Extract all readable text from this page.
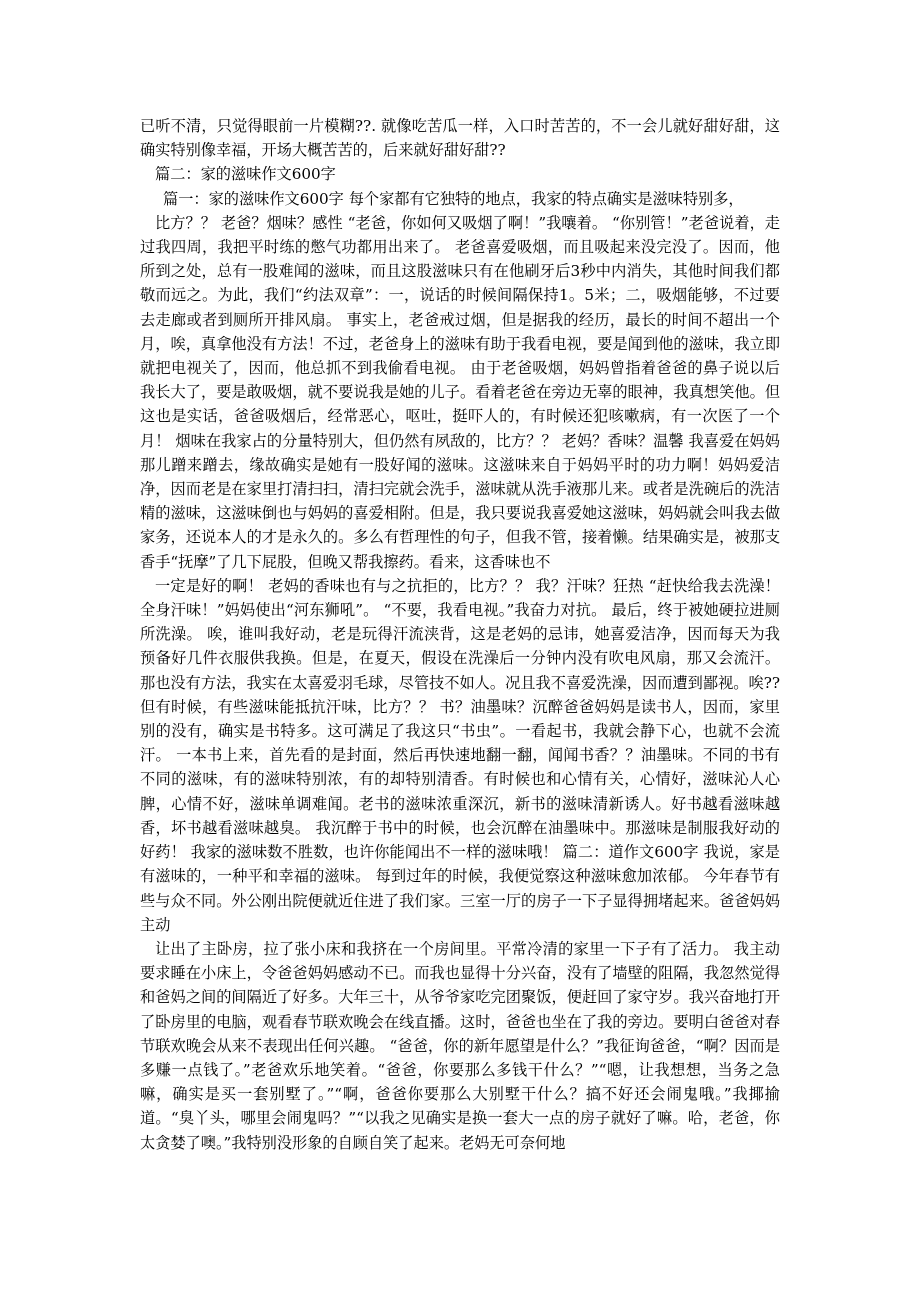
已听不清，只觉得眼前一片模糊??. 就像吃苦瓜一样，入口时苦苦的，不一会儿就好甜好甜，这确实特别像幸福，开场大概苦苦的，后来就好甜好甜??

篇二：家的滋味作文600字

篇一：家的滋味作文600字 每个家都有它独特的地点，我家的特点确实是滋味特别多，

比方？？ 老爸？烟味？感性 “老爸，你如何又吸烟了啊！”我嚷着。 “你别管！”老爸说着，走过我四周，我把平时练的憋气功都用出来了。 老爸喜爱吸烟，而且吸起来没完没了。因而，他所到之处，总有一股难闻的滋味，而且这股滋味只有在他刷牙后3秒中内消失，其他时间我们都敬而远之。为此，我们“约法双章”：一，说话的时候间隔保持1。5米；二，吸烟能够，不过要去走廊或者到厕所开排风扇。 事实上，老爸戒过烟，但是据我的经历，最长的时间不超出一个月，唉，真拿他没有方法！不过，老爸身上的滋味有助于我看电视，要是闻到他的滋味，我立即就把电视关了，因而，他总抓不到我偷看电视。 由于老爸吸烟，妈妈曾指着爸爸的鼻子说以后我长大了，要是敢吸烟，就不要说我是她的儿子。看着老爸在旁边无辜的眼神，我真想笑他。但这也是实话，爸爸吸烟后，经常恶心，呕吐，挺吓人的，有时候还犯咳嗽病，有一次医了一个月！ 烟味在我家占的分量特别大，但仍然有夙敌的，比方？？ 老妈？香味？温馨 我喜爱在妈妈那儿蹭来蹭去，缘故确实是她有一股好闻的滋味。这滋味来自于妈妈平时的功力啊！妈妈爱洁净，因而老是在家里打清扫扫，清扫完就会洗手，滋味就从洗手液那儿来。或者是洗碗后的洗洁精的滋味，这滋味倒也与妈妈的喜爱相附。但是，我只要说我喜爱她这滋味，妈妈就会叫我去做家务，还说本人的才是永久的。多么有哲理性的句子，但我不管，接着懒。结果确实是，被那支香手“抚摩”了几下屁股，但晚又帮我擦药。看来，这香味也不

一定是好的啊！ 老妈的香味也有与之抗拒的，比方？？ 我？汗味？狂热 “赶快给我去洗澡！全身汗味！”妈妈使出“河东狮吼”。 “不要，我看电视。”我奋力对抗。 最后，终于被她硬拉进厕所洗澡。 唉，谁叫我好动，老是玩得汗流浃背，这是老妈的忌讳，她喜爱洁净，因而每天为我预备好几件衣服供我换。但是，在夏天，假设在洗澡后一分钟内没有吹电风扇，那又会流汗。 那也没有方法，我实在太喜爱羽毛球，尽管技不如人。况且我不喜爱洗澡，因而遭到鄙视。唉?? 但有时候，有些滋味能抵抗汗味，比方？？ 书？油墨味？沉醉爸爸妈妈是读书人，因而，家里别的没有，确实是书特多。这可满足了我这只“书虫”。一看起书，我就会静下心，也就不会流汗。 一本书上来，首先看的是封面，然后再快速地翻一翻，闻闻书香？？油墨味。不同的书有不同的滋味，有的滋味特别浓，有的却特别清香。有时候也和心情有关，心情好，滋味沁人心脾，心情不好，滋味单调难闻。老书的滋味浓重深沉，新书的滋味清新诱人。好书越看滋味越香，坏书越看滋味越臭。 我沉醉于书中的时候，也会沉醉在油墨味中。那滋味是制服我好动的好药！ 我家的滋味数不胜数，也许你能闻出不一样的滋味哦！ 篇二：道作文600字 我说，家是有滋味的，一种平和幸福的滋味。 每到过年的时候，我便觉察这种滋味愈加浓郁。 今年春节有些与众不同。外公刚出院便就近住进了我们家。三室一厅的房子一下子显得拥堵起来。爸爸妈妈主动

让出了主卧房，拉了张小床和我挤在一个房间里。平常冷清的家里一下子有了活力。 我主动要求睡在小床上，令爸爸妈妈感动不已。而我也显得十分兴奋，没有了墙壁的阻隔，我忽然觉得和爸妈之间的间隔近了好多。大年三十，从爷爷家吃完团聚饭，便赶回了家守岁。我兴奋地打开了卧房里的电脑，观看春节联欢晚会在线直播。这时，爸爸也坐在了我的旁边。要明白爸爸对春节联欢晚会从来不表现出任何兴趣。 “爸爸，你的新年愿望是什么？”我征询爸爸，“啊？因而是多赚一点钱了。”老爸欢乐地笑着。“爸爸，你要那么多钱干什么？”“嗯，让我想想，当务之急嘛，确实是买一套别墅了。”“啊，爸爸你要那么大别墅干什么？搞不好还会闹鬼哦。”我揶揄道。“臭丫头，哪里会闹鬼吗？”“以我之见确实是换一套大一点的房子就好了嘛。哈，老爸，你太贪婪了噢。”我特别没形象的自顾自笑了起来。老妈无可奈何地
